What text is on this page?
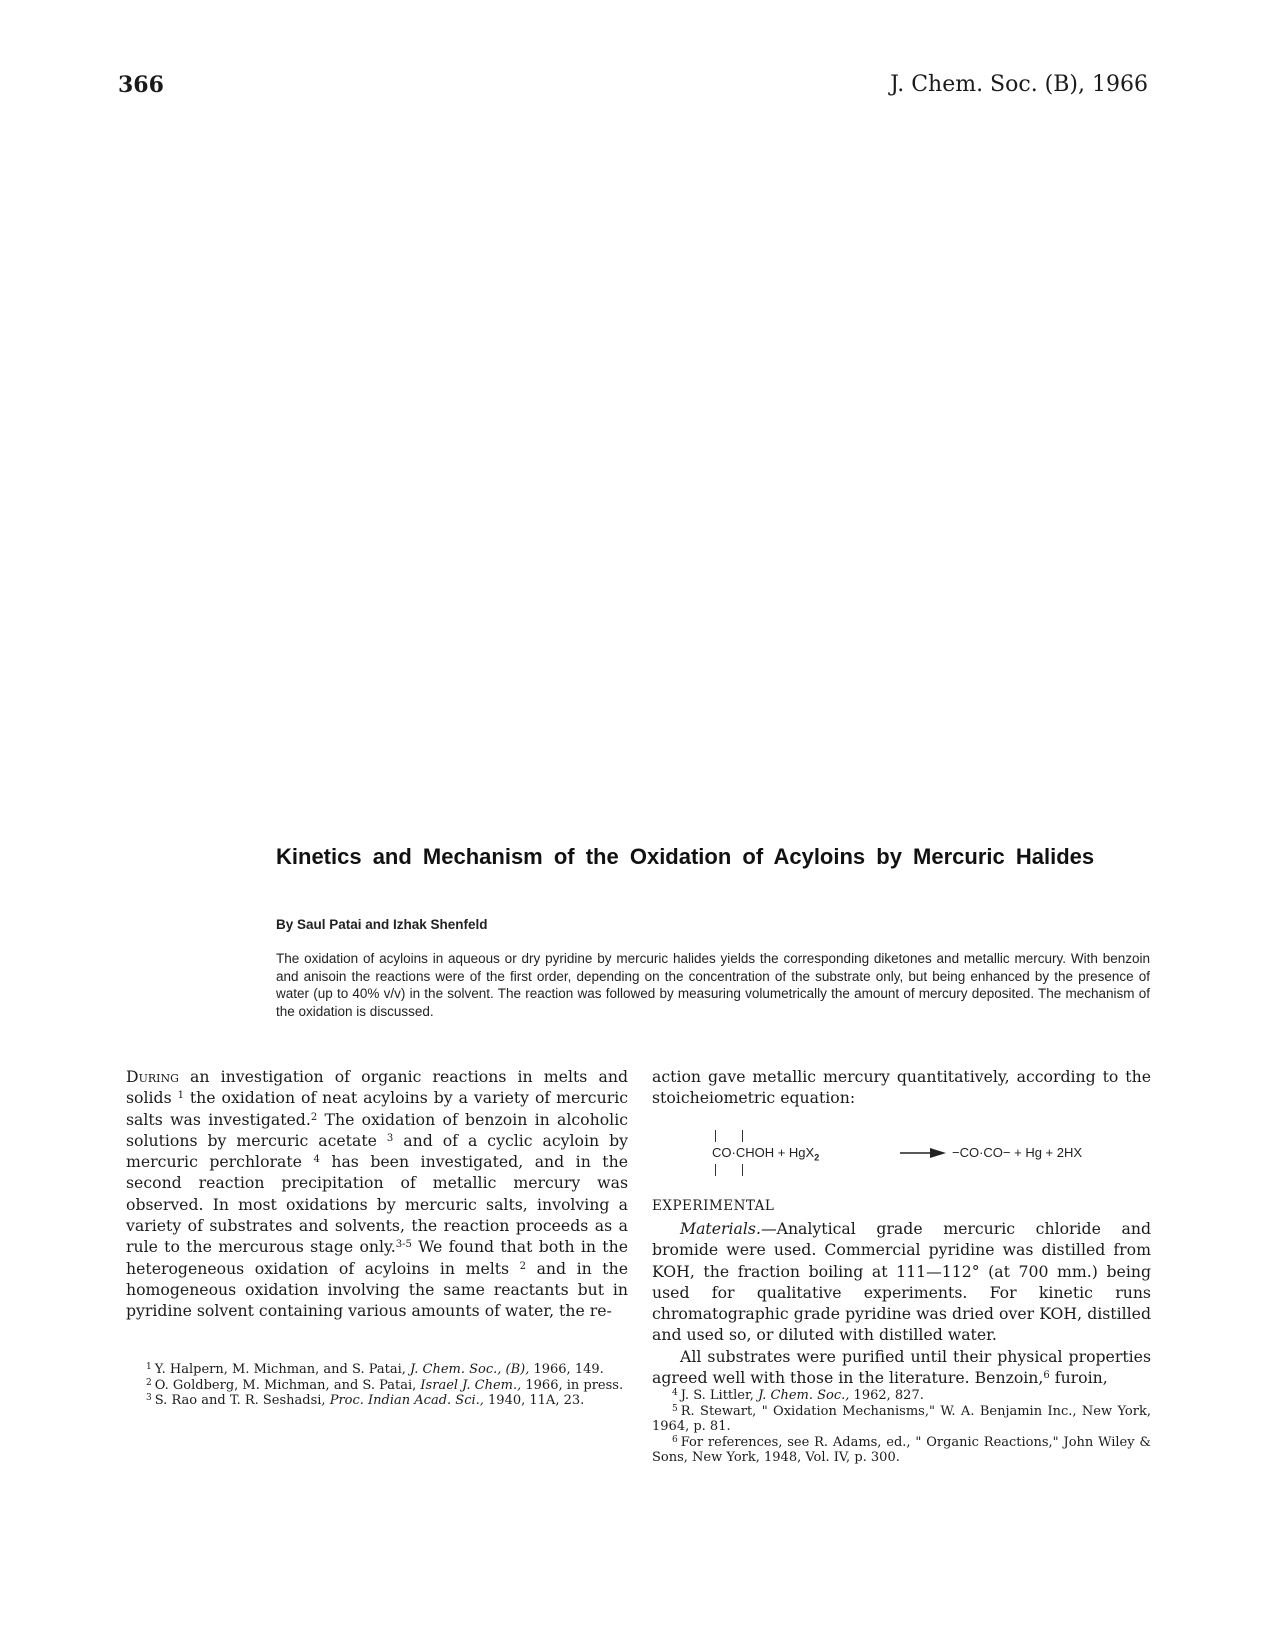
366	J. Chem. Soc. (B), 1966
Kinetics and Mechanism of the Oxidation of Acyloins by Mercuric Halides
By Saul Patai and Izhak Shenfeld
The oxidation of acyloins in aqueous or dry pyridine by mercuric halides yields the corresponding diketones and metallic mercury. With benzoin and anisoin the reactions were of the first order, depending on the concentration of the substrate only, but being enhanced by the presence of water (up to 40% v/v) in the solvent. The reaction was followed by measuring volumetrically the amount of mercury deposited. The mechanism of the oxidation is discussed.

During an investigation of organic reactions in melts and solids $^1$ the oxidation of neat acyloins by a variety of mercuric salts was investigated.$^2$ The oxidation of benzoin in alcoholic solutions by mercuric acetate $^3$ and of a cyclic acyloin by mercuric perchlorate $^4$ has been investigated, and in the second reaction precipitation of metallic mercury was observed. In most oxidations by mercuric salts, involving a variety of substrates and solvents, the reaction proceeds as a rule to the mercurous stage only.$^{3-5}$ We found that both in the heterogeneous oxidation of acyloins in melts $^2$ and in the homogeneous oxidation involving the same reactants but in pyridine solvent containing various amounts of water, the re-

$^1$ Y. Halpern, M. Michman, and S. Patai, J. Chem. Soc., (B), 1966, 149.

$^2$ O. Goldberg, M. Michman, and S. Patai, Israel J. Chem., 1966, in press.

$^3$ S. Rao and T. R. Seshadsi, Proc. Indian Acad. Sci., 1940, 11A, 23.

action gave metallic mercury quantitatively, according to the stoicheiometric equation:

CO·CHOH + HgX$_2$	→ −CO·CO− + Hg + 2HX
EXPERIMENTAL

Materials.—Analytical grade mercuric chloride and bromide were used. Commercial pyridine was distilled from KOH, the fraction boiling at 111—112° (at 700 mm.) being used for qualitative experiments. For kinetic runs chromatographic grade pyridine was dried over KOH, distilled and used so, or diluted with distilled water.

All substrates were purified until their physical properties agreed well with those in the literature. Benzoin,$^6$ furoin,

$^4$ J. S. Littler, J. Chem. Soc., 1962, 827.

$^5$ R. Stewart, " Oxidation Mechanisms," W. A. Benjamin Inc., New York, 1964, p. 81.

$^6$ For references, see R. Adams, ed., " Organic Reactions," John Wiley & Sons, New York, 1948, Vol. IV, p. 300.
